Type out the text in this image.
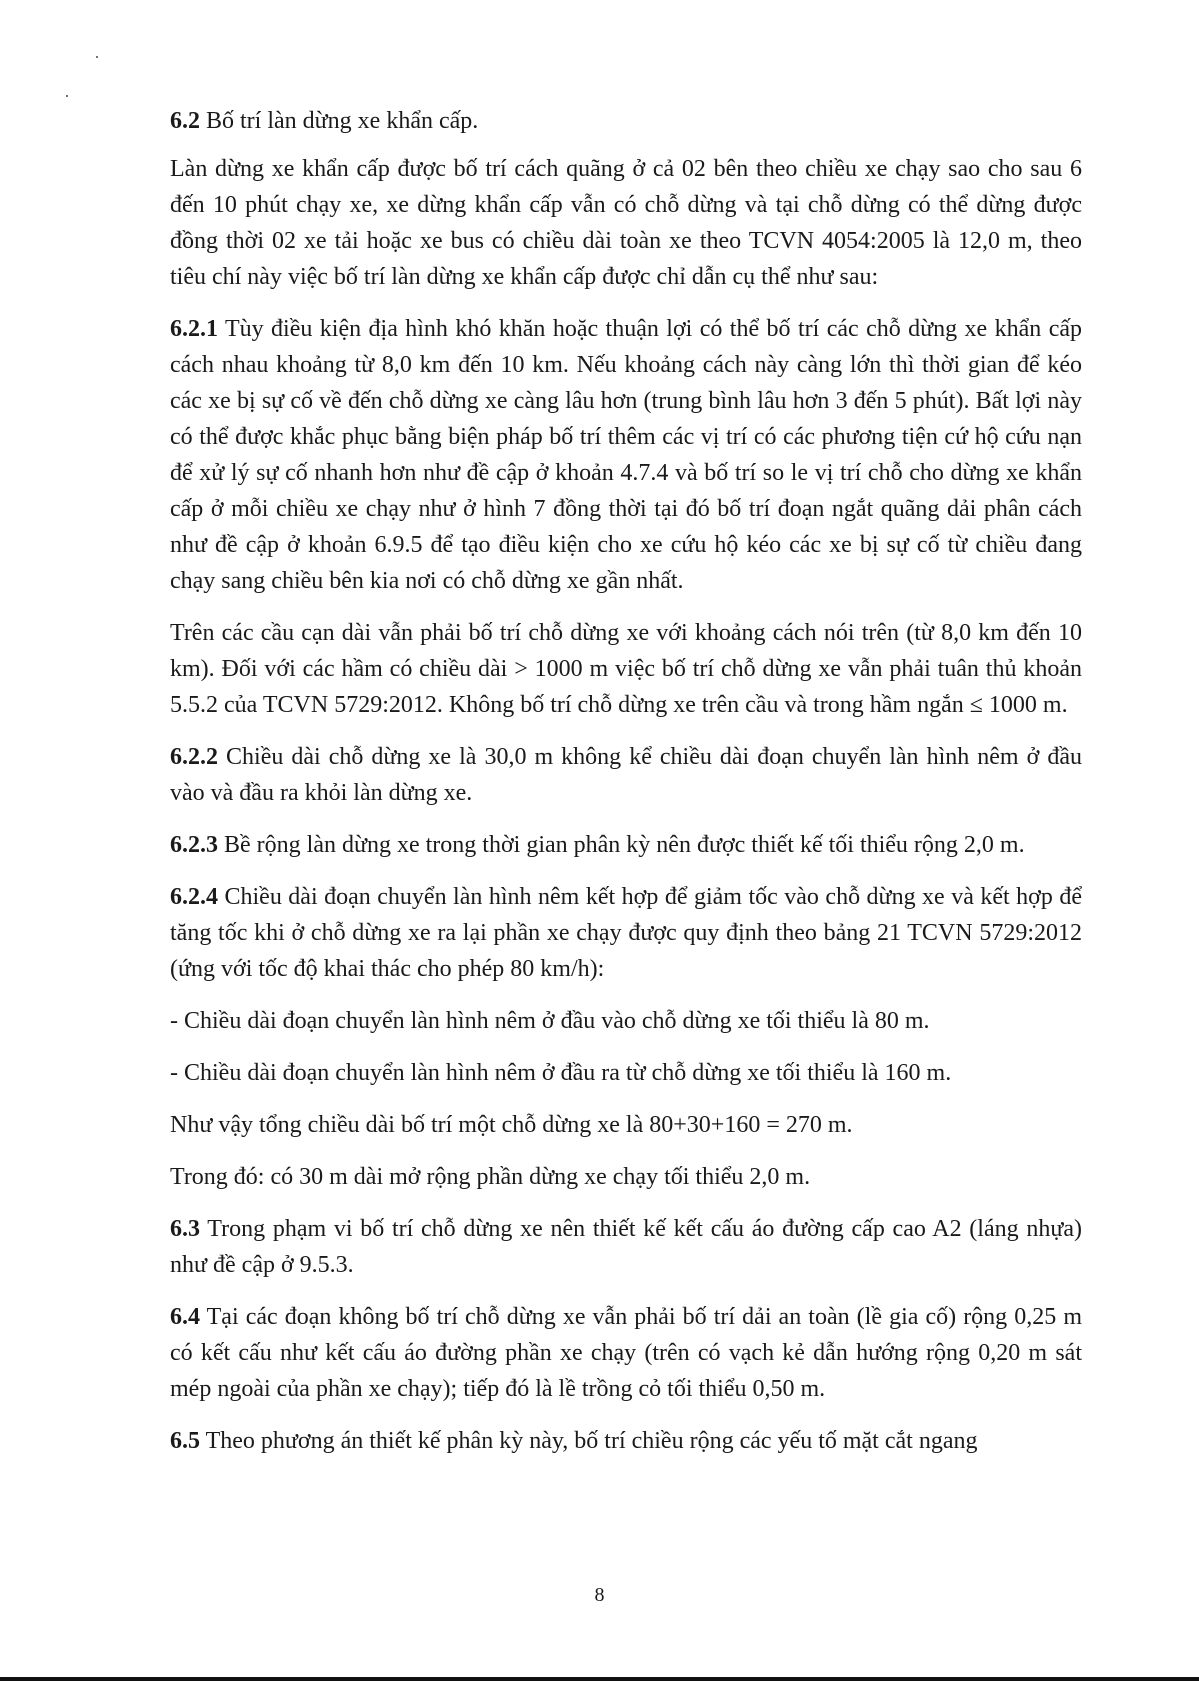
6.2 Bố trí làn dừng xe khẩn cấp.

Làn dừng xe khẩn cấp được bố trí cách quãng ở cả 02 bên theo chiều xe chạy sao cho sau 6 đến 10 phút chạy xe, xe dừng khẩn cấp vẫn có chỗ dừng và tại chỗ dừng có thể dừng được đồng thời 02 xe tải hoặc xe bus có chiều dài toàn xe theo TCVN 4054:2005 là 12,0 m, theo tiêu chí này việc bố trí làn dừng xe khẩn cấp được chỉ dẫn cụ thể như sau:

6.2.1 Tùy điều kiện địa hình khó khăn hoặc thuận lợi có thể bố trí các chỗ dừng xe khẩn cấp cách nhau khoảng từ 8,0 km đến 10 km. Nếu khoảng cách này càng lớn thì thời gian để kéo các xe bị sự cố về đến chỗ dừng xe càng lâu hơn (trung bình lâu hơn 3 đến 5 phút). Bất lợi này có thể được khắc phục bằng biện pháp bố trí thêm các vị trí có các phương tiện cứ hộ cứu nạn để xử lý sự cố nhanh hơn như đề cập ở khoản 4.7.4 và bố trí so le vị trí chỗ cho dừng xe khẩn cấp ở mỗi chiều xe chạy như ở hình 7 đồng thời tại đó bố trí đoạn ngắt quãng dải phân cách như đề cập ở khoản 6.9.5 để tạo điều kiện cho xe cứu hộ kéo các xe bị sự cố từ chiều đang chạy sang chiều bên kia nơi có chỗ dừng xe gần nhất.

Trên các cầu cạn dài vẫn phải bố trí chỗ dừng xe với khoảng cách nói trên (từ 8,0 km đến 10 km). Đối với các hầm có chiều dài > 1000 m việc bố trí chỗ dừng xe vẫn phải tuân thủ khoản 5.5.2 của TCVN 5729:2012. Không bố trí chỗ dừng xe trên cầu và trong hầm ngắn ≤ 1000 m.

6.2.2 Chiều dài chỗ dừng xe là 30,0 m không kể chiều dài đoạn chuyển làn hình nêm ở đầu vào và đầu ra khỏi làn dừng xe.

6.2.3 Bề rộng làn dừng xe trong thời gian phân kỳ nên được thiết kế tối thiểu rộng 2,0 m.

6.2.4 Chiều dài đoạn chuyển làn hình nêm kết hợp để giảm tốc vào chỗ dừng xe và kết hợp để tăng tốc khi ở chỗ dừng xe ra lại phần xe chạy được quy định theo bảng 21 TCVN 5729:2012 (ứng với tốc độ khai thác cho phép 80 km/h):

- Chiều dài đoạn chuyển làn hình nêm ở đầu vào chỗ dừng xe tối thiểu là 80 m.

- Chiều dài đoạn chuyển làn hình nêm ở đầu ra từ chỗ dừng xe tối thiểu là 160 m.

Như vậy tổng chiều dài bố trí một chỗ dừng xe là 80+30+160 = 270 m.

Trong đó: có 30 m dài mở rộng phần dừng xe chạy tối thiểu 2,0 m.

6.3 Trong phạm vi bố trí chỗ dừng xe nên thiết kế kết cấu áo đường cấp cao A2 (láng nhựa) như đề cập ở 9.5.3.

6.4 Tại các đoạn không bố trí chỗ dừng xe vẫn phải bố trí dải an toàn (lề gia cố) rộng 0,25 m có kết cấu như kết cấu áo đường phần xe chạy (trên có vạch kẻ dẫn hướng rộng 0,20 m sát mép ngoài của phần xe chạy); tiếp đó là lề trồng cỏ tối thiểu 0,50 m.

6.5 Theo phương án thiết kế phân kỳ này, bố trí chiều rộng các yếu tố mặt cắt ngang

8
